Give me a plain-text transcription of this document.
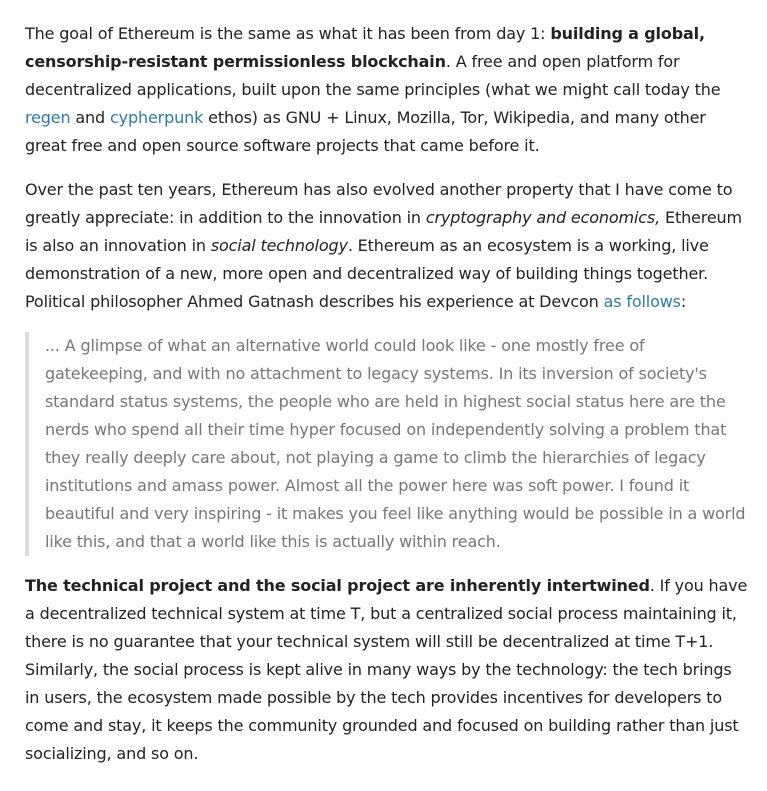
The goal of Ethereum is the same as what it has been from day 1: building a global, censorship-resistant permissionless blockchain. A free and open platform for decentralized applications, built upon the same principles (what we might call today the regen and cypherpunk ethos) as GNU + Linux, Mozilla, Tor, Wikipedia, and many other great free and open source software projects that came before it.

Over the past ten years, Ethereum has also evolved another property that I have come to greatly appreciate: in addition to the innovation in cryptography and economics, Ethereum is also an innovation in social technology. Ethereum as an ecosystem is a working, live demonstration of a new, more open and decentralized way of building things together. Political philosopher Ahmed Gatnash describes his experience at Devcon as follows:

... A glimpse of what an alternative world could look like - one mostly free of gatekeeping, and with no attachment to legacy systems. In its inversion of society's standard status systems, the people who are held in highest social status here are the nerds who spend all their time hyper focused on independently solving a problem that they really deeply care about, not playing a game to climb the hierarchies of legacy institutions and amass power. Almost all the power here was soft power. I found it beautiful and very inspiring - it makes you feel like anything would be possible in a world like this, and that a world like this is actually within reach.

The technical project and the social project are inherently intertwined. If you have a decentralized technical system at time T, but a centralized social process maintaining it, there is no guarantee that your technical system will still be decentralized at time T+1. Similarly, the social process is kept alive in many ways by the technology: the tech brings in users, the ecosystem made possible by the tech provides incentives for developers to come and stay, it keeps the community grounded and focused on building rather than just socializing, and so on.
